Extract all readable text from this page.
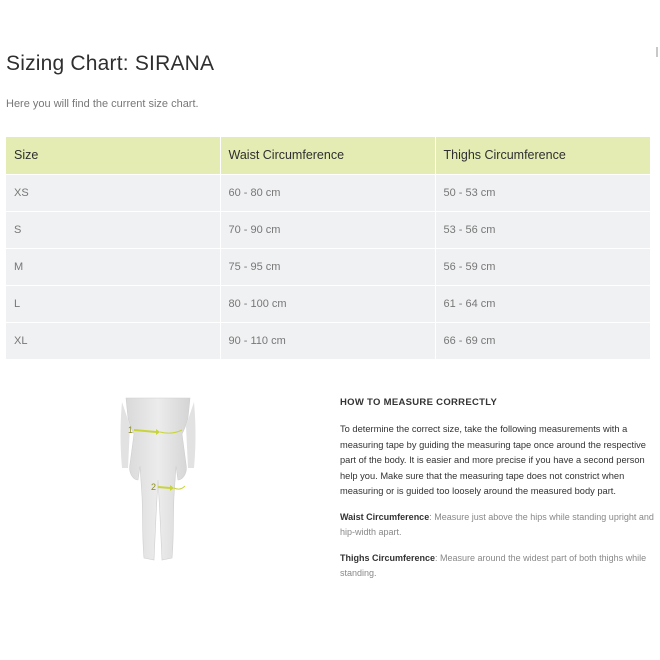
Sizing Chart: SIRANA

Here you will find the current size chart.

Size	Waist Circumference	Thighs Circumference
XS	60 - 80 cm	50 - 53 cm
S	70 - 90 cm	53 - 56 cm
M	75 - 95 cm	56 - 59 cm
L	80 - 100 cm	61 - 64 cm
XL	90 - 110 cm	66 - 69 cm
1
2
HOW TO MEASURE CORRECTLY

To determine the correct size, take the following measurements with a measuring tape by guiding the measuring tape once around the respective part of the body. It is easier and more precise if you have a second person help you. Make sure that the measuring tape does not constrict when measuring or is guided too loosely around the measured body part.

Waist Circumference: Measure just above the hips while standing upright and hip-width apart.

Thighs Circumference: Measure around the widest part of both thighs while standing.
